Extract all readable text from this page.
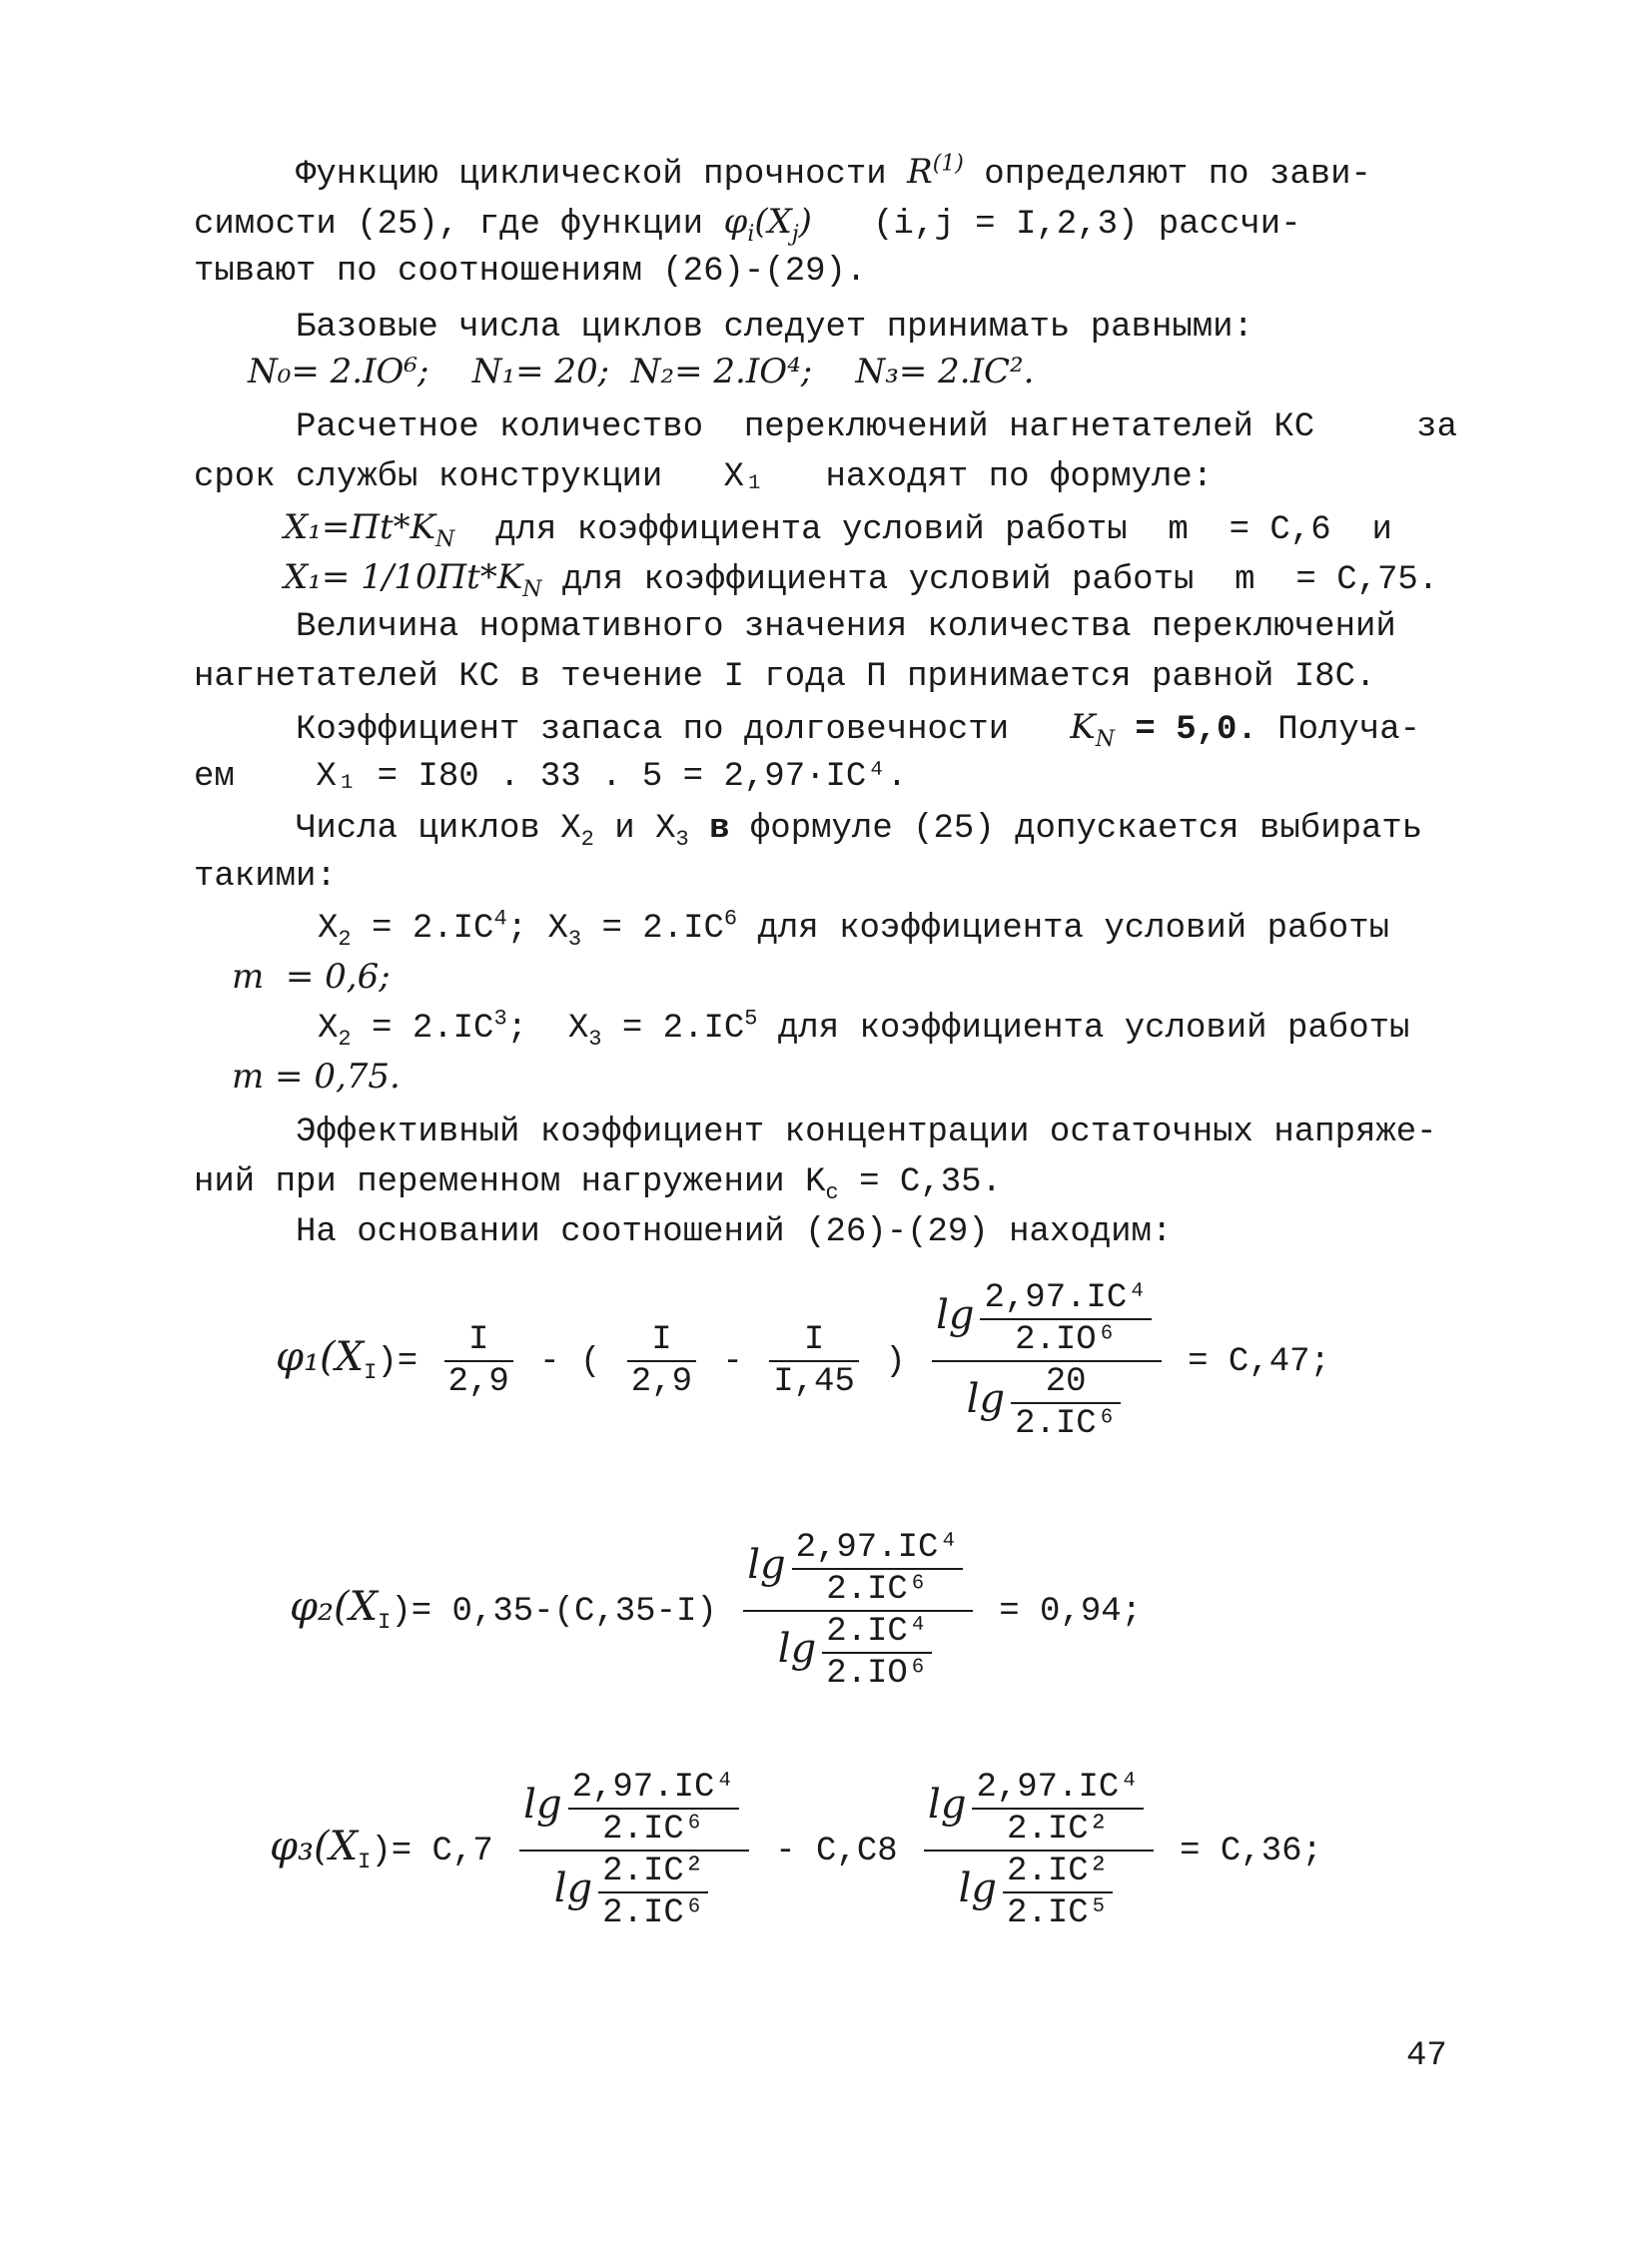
Функцию циклической прочности $R^{(1)}$ определяют по зави-
симости (25), где функции $\varphi_i(X_j) (i,j = I,2,3)$ рассчи-
тывают по соотношениям (26)-(29).
Базовые числа циклов следует принимать равными:
N₀= 2.IO⁶;    N₁= 20;  N₂= 2.IO⁴;    N₃= 2.IC².
Расчетное количество  переключений нагнетателей КС     за
срок службы конструкции   X₁   находят по формуле:
$X_1=Пt*K_N$  для коэффициента условий работы  m  = C,6  и
$X_1= 1/10Пt*K_N$ для коэффициента условий работы  m  = C,75.
Величина нормативного значения количества переключений
нагнетателей КС в течение I года П принимается равной I8C.
Коэффициент запаса по долговечности   $K_N = 5,0$. Получа-
ем    X₁ = I80 . 33 . 5 = 2,97·IC⁴.
Числа циклов $X_2$ и $X_3$ в формуле (25) допускается выбирать
такими:
$X_2 = 2.IC^4$; $X_3 = 2.IC^6$ для коэффициента условий работы
m  = 0,6;
$X_2 = 2.IC^3$;  $X_3 = 2.IC^5$ для коэффициента условий работы
m = 0,75.
Эффективный коэффициент концентрации остаточных напряже-
ний при переменном нагружении $K_c = C,35$.
На основании соотношений (26)-(29) находим:
$\varphi_1(X_I)= \frac{I}{2,9}$ - ( $\frac{I}{2,9} - \frac{I}{I,45}$ ) $\frac{\lg \frac{\text{2,97.IC⁴}}{\text{2.IO⁶}}}{\lg \frac{20}{\text{2.IC⁶}}} = C,47$;
$\varphi_2(X_I)= 0,35-(C,35-I) \frac{\lg \frac{\text{2,97.IC⁴}}{\text{2.IC⁶}}}{\lg \frac{\text{2.IC⁴}}{\text{2.IO⁶}}} = 0,94$;
$\varphi_3(X_I)= C,7 \frac{\lg \frac{\text{2,97.IC⁴}}{\text{2.IC⁶}}}{\lg \frac{\text{2.IC²}}{\text{2.IC⁶}}} - C,C8 \frac{\lg \frac{\text{2,97.IC⁴}}{\text{2.IC²}}}{\lg \frac{\text{2.IC²}}{\text{2.IC⁵}}} = C,36$;
47
